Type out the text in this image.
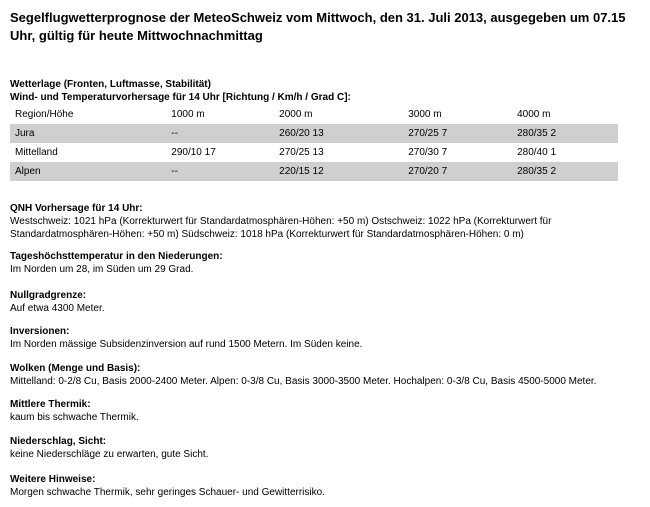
Segelflugwetterprognose der MeteoSchweiz vom Mittwoch, den 31. Juli 2013, ausgegeben um 07.15 Uhr, gültig für heute Mittwochnachmittag
Wetterlage (Fronten, Luftmasse, Stabilität)
Wind- und Temperaturvorhersage für 14 Uhr [Richtung / Km/h / Grad C]:
Region/Höhe	1000 m	2000 m	3000 m	4000 m
Jura	--	260/20 13	270/25 7	280/35 2
Mittelland	290/10 17	270/25 13	270/30 7	280/40 1
Alpen	--	220/15 12	270/20 7	280/35 2
QNH Vorhersage für 14 Uhr:
Westschweiz: 1021 hPa (Korrekturwert für Standardatmosphären-Höhen: +50 m) Ostschweiz: 1022 hPa (Korrekturwert für Standardatmosphären-Höhen: +50 m) Südschweiz: 1018 hPa (Korrekturwert für Standardatmosphären-Höhen: 0 m)
Tageshöchsttemperatur in den Niederungen:
Im Norden um 28, im Süden um 29 Grad.
Nullgradgrenze:
Auf etwa 4300 Meter.
Inversionen:
Im Norden mässige Subsidenzinversion auf rund 1500 Metern. Im Süden keine.
Wolken (Menge und Basis):
Mittelland: 0-2/8 Cu, Basis 2000-2400 Meter. Alpen: 0-3/8 Cu, Basis 3000-3500 Meter. Hochalpen: 0-3/8 Cu, Basis 4500-5000 Meter.
Mittlere Thermik:
kaum bis schwache Thermik.
Niederschlag, Sicht:
keine Niederschläge zu erwarten, gute Sicht.
Weitere Hinweise:
Morgen schwache Thermik, sehr geringes Schauer- und Gewitterrisiko.
